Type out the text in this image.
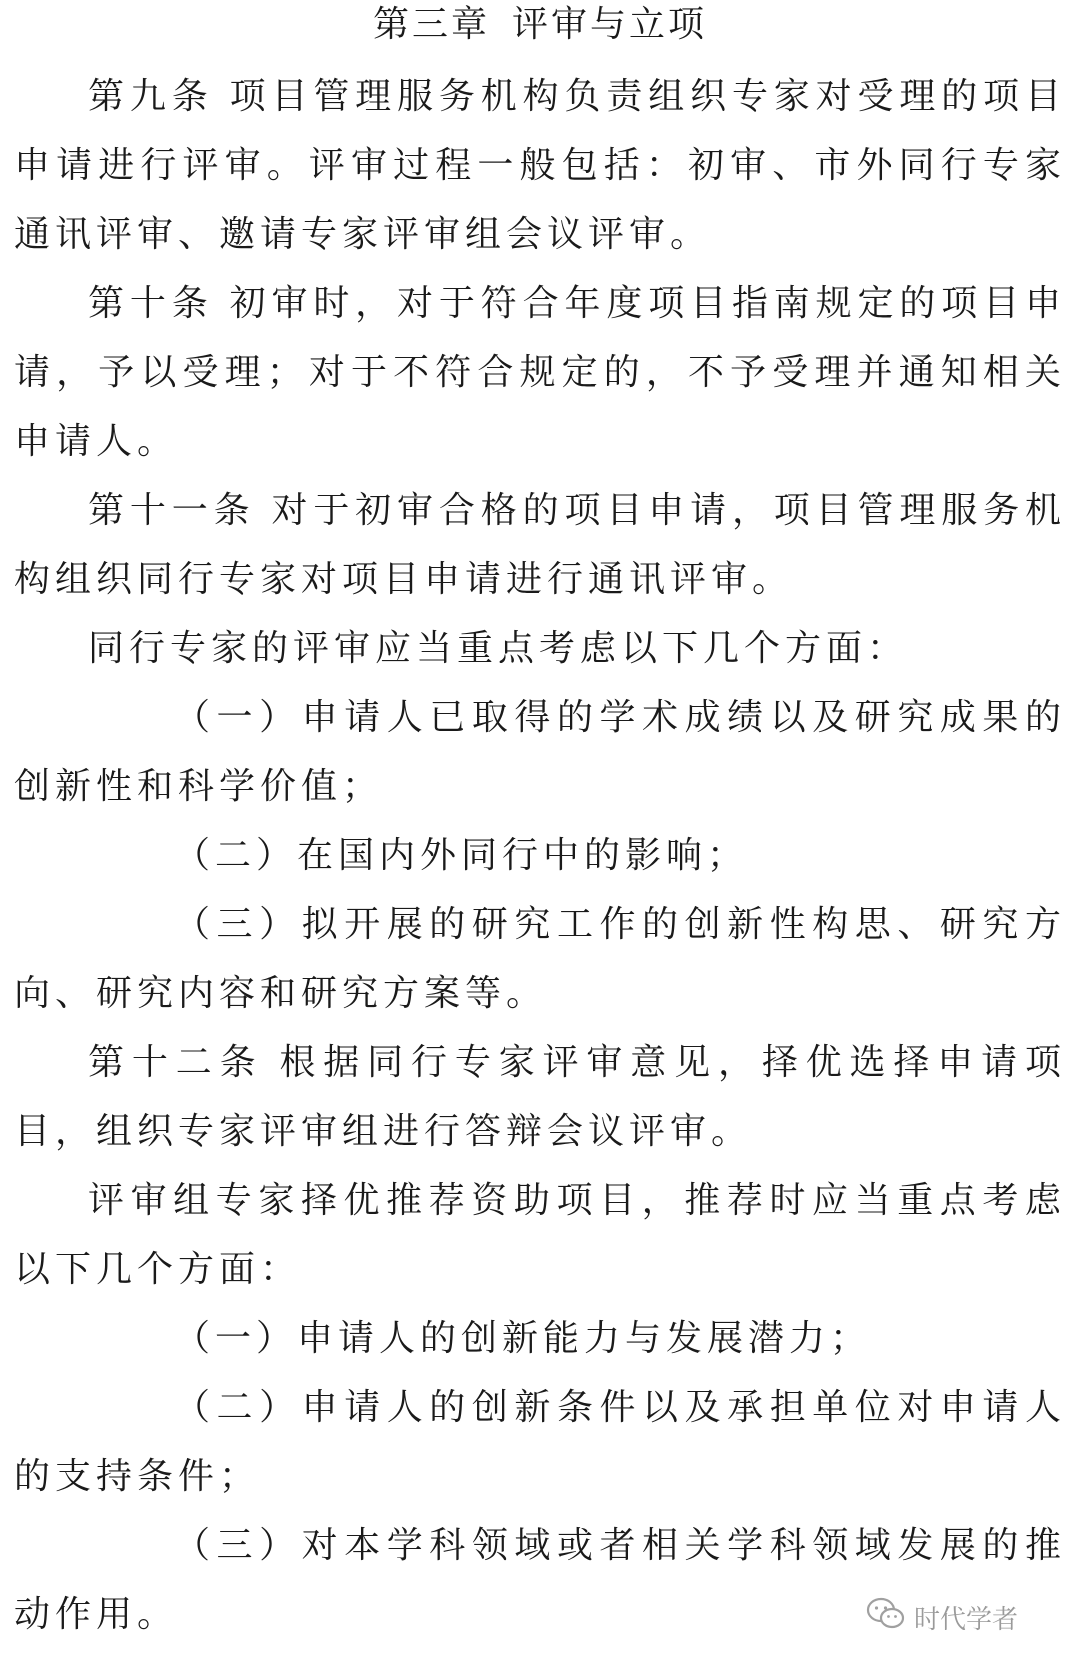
第三章 评审与立项

第九条 项目管理服务机构负责组织专家对受理的项目申请进行评审。评审过程一般包括：初审、市外同行专家通讯评审、邀请专家评审组会议评审。

第十条 初审时，对于符合年度项目指南规定的项目申请，予以受理；对于不符合规定的，不予受理并通知相关申请人。

第十一条 对于初审合格的项目申请，项目管理服务机构组织同行专家对项目申请进行通讯评审。

同行专家的评审应当重点考虑以下几个方面：

（一）申请人已取得的学术成绩以及研究成果的创新性和科学价值；

（二）在国内外同行中的影响；

（三）拟开展的研究工作的创新性构思、研究方向、研究内容和研究方案等。

第十二条 根据同行专家评审意见，择优选择申请项目，组织专家评审组进行答辩会议评审。

评审组专家择优推荐资助项目，推荐时应当重点考虑以下几个方面：

（一）申请人的创新能力与发展潜力；

（二）申请人的创新条件以及承担单位对申请人的支持条件；

（三）对本学科领域或者相关学科领域发展的推动作用。	时代学者
